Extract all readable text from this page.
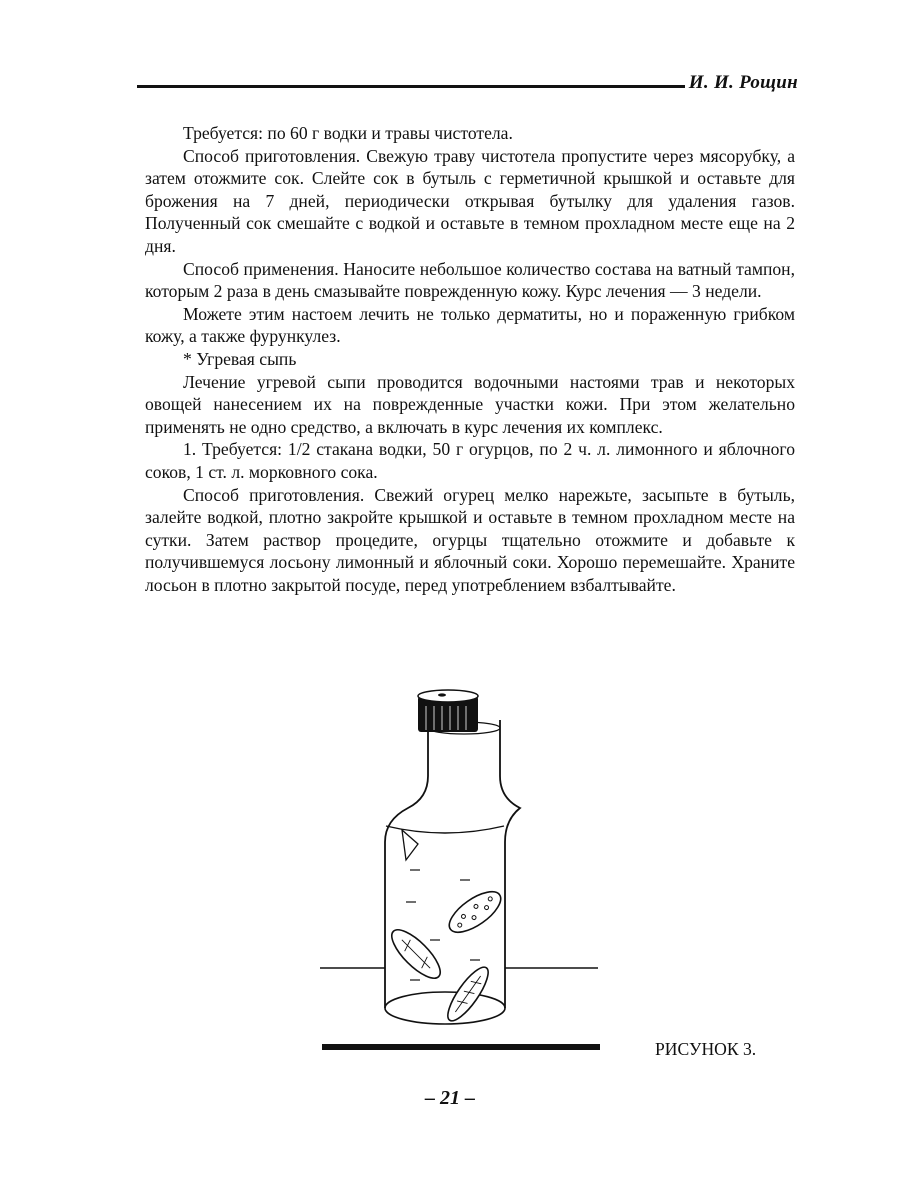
И. И. Рощин

Требуется: по 60 г водки и травы чистотела.

Способ приготовления. Свежую траву чистотела пропустите через мясорубку, а затем отожмите сок. Слейте сок в бутыль с герметичной крышкой и оставьте для брожения на 7 дней, периодически открывая бутылку для удаления газов. Полученный сок смешайте с водкой и оставьте в темном прохладном месте еще на 2 дня.

Способ применения. Наносите небольшое количество состава на ватный тампон, которым 2 раза в день смазывайте поврежденную кожу. Курс лечения — 3 недели.

Можете этим настоем лечить не только дерматиты, но и пораженную грибком кожу, а также фурункулез.

* Угревая сыпь

Лечение угревой сыпи проводится водочными настоями трав и некоторых овощей нанесением их на поврежденные участки кожи. При этом желательно применять не одно средство, а включать в курс лечения их комплекс.

1. Требуется: 1/2 стакана водки, 50 г огурцов, по 2 ч. л. лимонного и яблочного соков, 1 ст. л. морковного сока.

Способ приготовления. Свежий огурец мелко нарежьте, засыпьте в бутыль, залейте водкой, плотно закройте крышкой и оставьте в темном прохладном месте на сутки. Затем раствор процедите, огурцы тщательно отожмите и добавьте к получившемуся лосьону лимонный и яблочный соки. Хорошо перемешайте. Храните лосьон в плотно закрытой посуде, перед употреблением взбалтывайте.

РИСУНОК 3.
– 21 –
